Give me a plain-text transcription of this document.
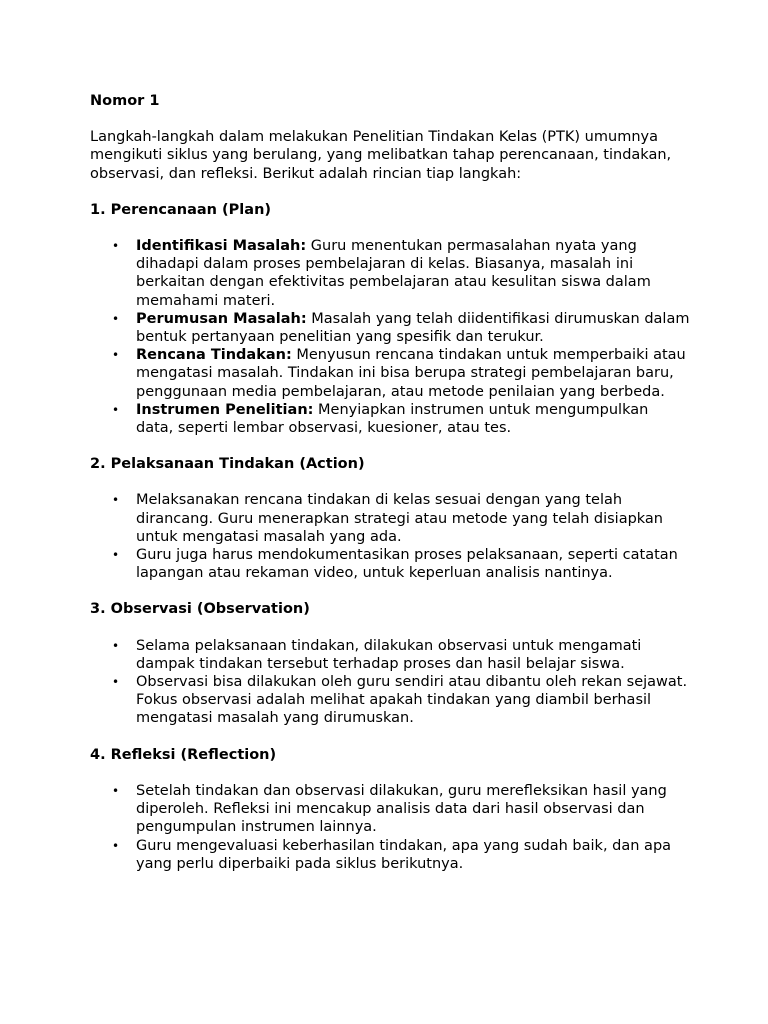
Nomor 1
Langkah-langkah dalam melakukan Penelitian Tindakan Kelas (PTK) umumnya mengikuti siklus yang berulang, yang melibatkan tahap perencanaan, tindakan, observasi, dan refleksi. Berikut adalah rincian tiap langkah:
1. Perencanaan (Plan)
• Identifikasi Masalah: Guru menentukan permasalahan nyata yang dihadapi dalam proses pembelajaran di kelas. Biasanya, masalah ini berkaitan dengan efektivitas pembelajaran atau kesulitan siswa dalam memahami materi.
• Perumusan Masalah: Masalah yang telah diidentifikasi dirumuskan dalam bentuk pertanyaan penelitian yang spesifik dan terukur.
• Rencana Tindakan: Menyusun rencana tindakan untuk memperbaiki atau mengatasi masalah. Tindakan ini bisa berupa strategi pembelajaran baru, penggunaan media pembelajaran, atau metode penilaian yang berbeda.
• Instrumen Penelitian: Menyiapkan instrumen untuk mengumpulkan data, seperti lembar observasi, kuesioner, atau tes.
2. Pelaksanaan Tindakan (Action)
• Melaksanakan rencana tindakan di kelas sesuai dengan yang telah dirancang. Guru menerapkan strategi atau metode yang telah disiapkan untuk mengatasi masalah yang ada.
• Guru juga harus mendokumentasikan proses pelaksanaan, seperti catatan lapangan atau rekaman video, untuk keperluan analisis nantinya.
3. Observasi (Observation)
• Selama pelaksanaan tindakan, dilakukan observasi untuk mengamati dampak tindakan tersebut terhadap proses dan hasil belajar siswa.
• Observasi bisa dilakukan oleh guru sendiri atau dibantu oleh rekan sejawat. Fokus observasi adalah melihat apakah tindakan yang diambil berhasil mengatasi masalah yang dirumuskan.
4. Refleksi (Reflection)
• Setelah tindakan dan observasi dilakukan, guru merefleksikan hasil yang diperoleh. Refleksi ini mencakup analisis data dari hasil observasi dan pengumpulan instrumen lainnya.
• Guru mengevaluasi keberhasilan tindakan, apa yang sudah baik, dan apa yang perlu diperbaiki pada siklus berikutnya.
